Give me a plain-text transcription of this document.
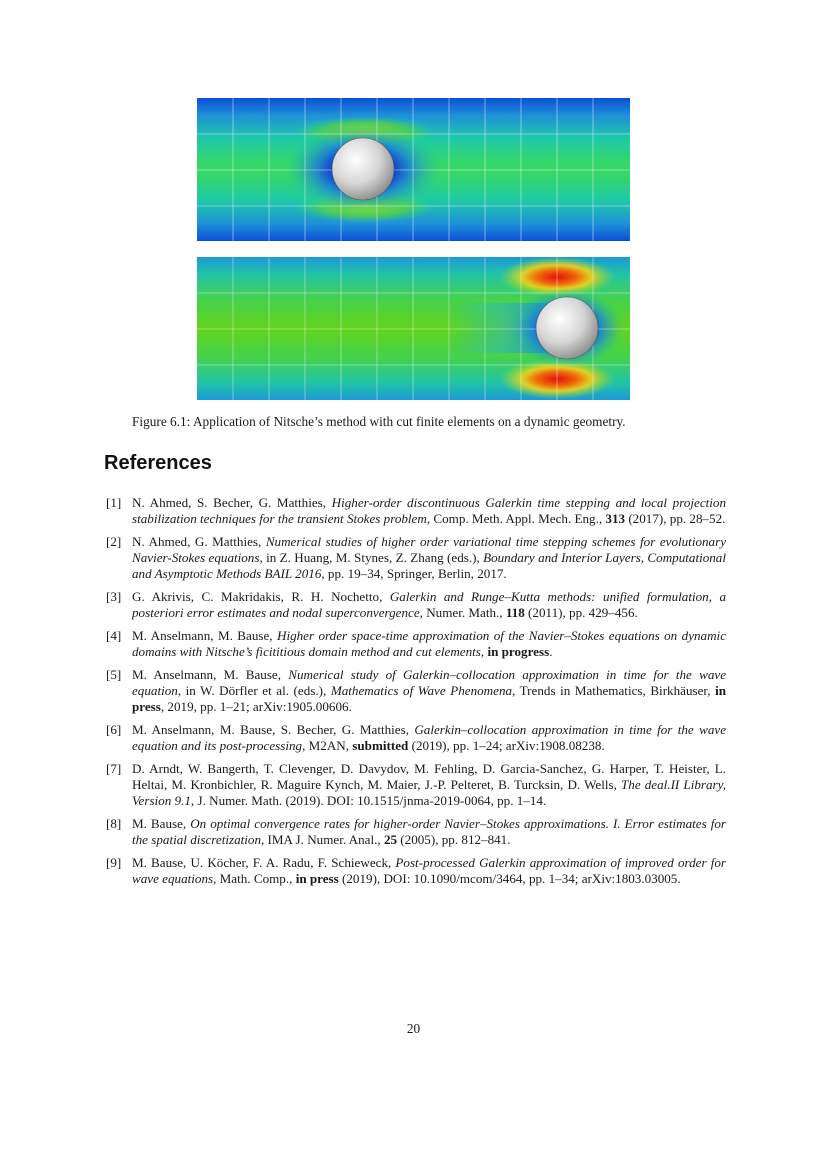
Figure 6.1: Application of Nitsche’s method with cut finite elements on a dynamic geometry.
References
[1] N. Ahmed, S. Becher, G. Matthies, Higher-order discontinuous Galerkin time stepping and local projection stabilization techniques for the transient Stokes problem, Comp. Meth. Appl. Mech. Eng., 313 (2017), pp. 28–52.
[2] N. Ahmed, G. Matthies, Numerical studies of higher order variational time stepping schemes for evolutionary Navier-Stokes equations, in Z. Huang, M. Stynes, Z. Zhang (eds.), Boundary and Interior Layers, Computational and Asymptotic Methods BAIL 2016, pp. 19–34, Springer, Berlin, 2017.
[3] G. Akrivis, C. Makridakis, R. H. Nochetto, Galerkin and Runge–Kutta methods: unified formulation, a posteriori error estimates and nodal superconvergence, Numer. Math., 118 (2011), pp. 429–456.
[4] M. Anselmann, M. Bause, Higher order space-time approximation of the Navier–Stokes equations on dynamic domains with Nitsche’s ficititious domain method and cut elements, in progress.
[5] M. Anselmann, M. Bause, Numerical study of Galerkin–collocation approximation in time for the wave equation, in W. Dörfler et al. (eds.), Mathematics of Wave Phenomena, Trends in Mathematics, Birkhäuser, in press, 2019, pp. 1–21; arXiv:1905.00606.
[6] M. Anselmann, M. Bause, S. Becher, G. Matthies, Galerkin–collocation approximation in time for the wave equation and its post-processing, M2AN, submitted (2019), pp. 1–24; arXiv:1908.08238.
[7] D. Arndt, W. Bangerth, T. Clevenger, D. Davydov, M. Fehling, D. Garcia-Sanchez, G. Harper, T. Heister, L. Heltai, M. Kronbichler, R. Maguire Kynch, M. Maier, J.-P. Pelteret, B. Turcksin, D. Wells, The deal.II Library, Version 9.1, J. Numer. Math. (2019). DOI: 10.1515/jnma-2019-0064, pp. 1–14.
[8] M. Bause, On optimal convergence rates for higher-order Navier–Stokes approximations. I. Error estimates for the spatial discretization, IMA J. Numer. Anal., 25 (2005), pp. 812–841.
[9] M. Bause, U. Köcher, F. A. Radu, F. Schieweck, Post-processed Galerkin approximation of improved order for wave equations, Math. Comp., in press (2019), DOI: 10.1090/mcom/3464, pp. 1–34; arXiv:1803.03005.
20
